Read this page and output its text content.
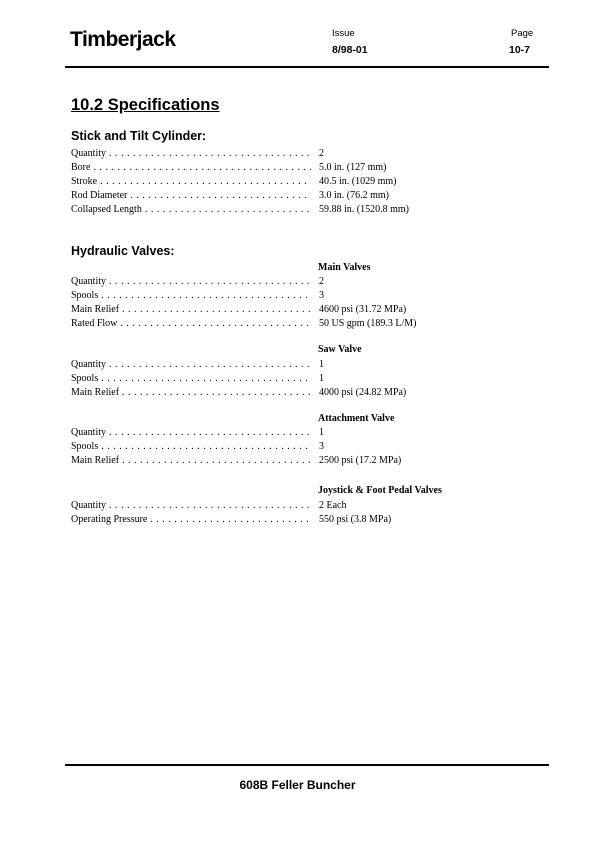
Timberjack	Issue
8/98-01
Page
10-7
10.2 Specifications
Stick and Tilt Cylinder:
Quantity . . .	2
Bore . . .	5.0 in. (127 mm)
Stroke . . .	40.5 in. (1029 mm)
Rod Diameter . . .	3.0 in. (76.2 mm)
Collapsed Length . . .	59.88 in. (1520.8 mm)
Hydraulic Valves:
Main Valves
Quantity . . .	2
Spools . . .	3
Main Relief . . .	4600 psi (31.72 MPa)
Rated Flow . . .	50 US gpm (189.3 L/M)
Saw Valve
Quantity . . .	1
Spools . . .	1
Main Relief . . .	4000 psi (24.82 MPa)
Attachment Valve
Quantity . . .	1
Spools . . .	3
Main Relief . . .	2500 psi (17.2 MPa)
Joystick & Foot Pedal Valves
Quantity . . .	2 Each
Operating Pressure . . .	550 psi (3.8 MPa)
608B Feller Buncher
